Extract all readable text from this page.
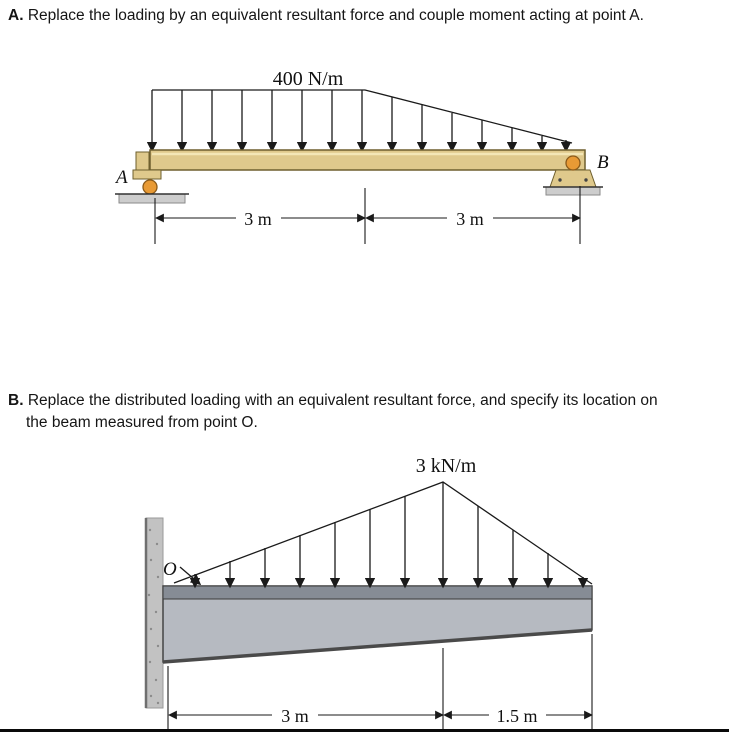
A. Replace the loading by an equivalent resultant force and couple moment acting at point A.
400 N/m
A
B
3 m	3 m
B. Replace the distributed loading with an equivalent resultant force, and specify its location on
the beam measured from point O.
3 kN/m
O
3 m	1.5 m
